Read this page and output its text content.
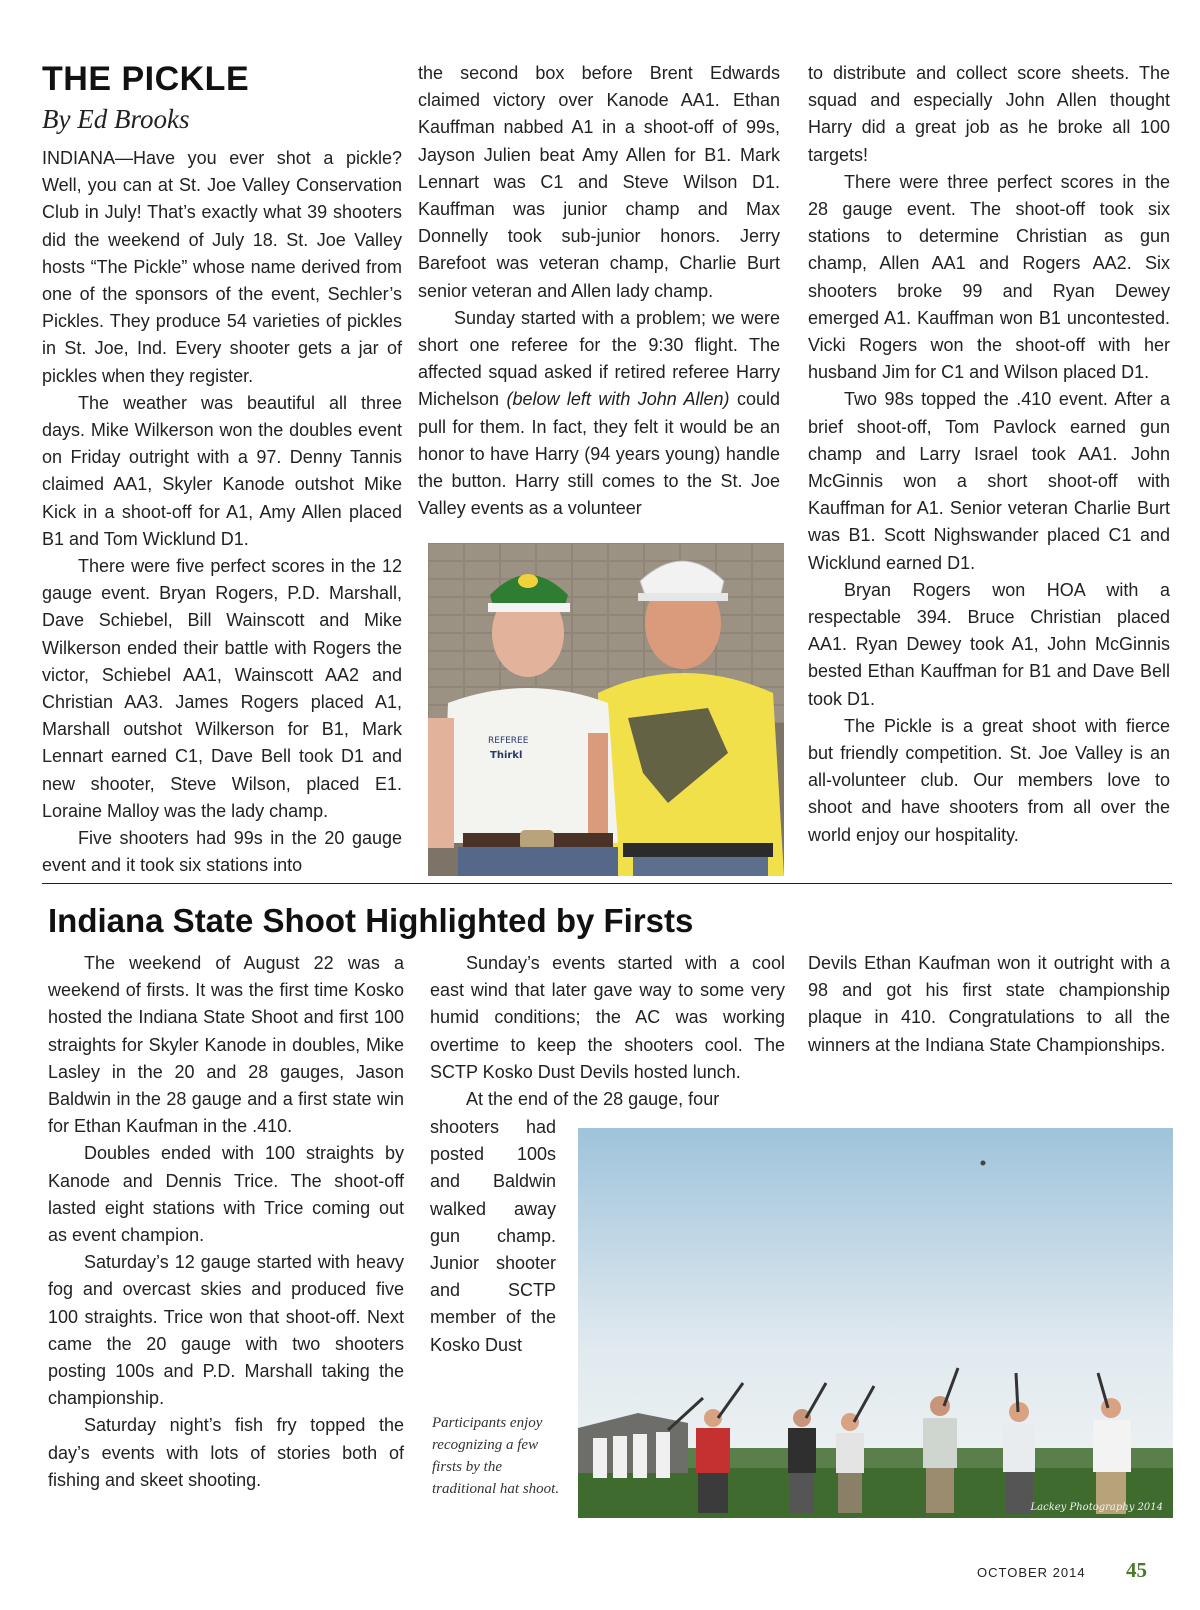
THE PICKLE
By Ed Brooks

INDIANA—Have you ever shot a pickle? Well, you can at St. Joe Valley Conservation Club in July! That’s exactly what 39 shooters did the weekend of July 18. St. Joe Valley hosts “The Pickle” whose name derived from one of the sponsors of the event, Sechler’s Pickles. They produce 54 varieties of pickles in St. Joe, Ind. Every shooter gets a jar of pickles when they register.

The weather was beautiful all three days. Mike Wilkerson won the doubles event on Friday outright with a 97. Denny Tannis claimed AA1, Skyler Kanode outshot Mike Kick in a shoot-off for A1, Amy Allen placed B1 and Tom Wicklund D1.

There were five perfect scores in the 12 gauge event. Bryan Rogers, P.D. Marshall, Dave Schiebel, Bill Wainscott and Mike Wilkerson ended their battle with Rogers the victor, Schiebel AA1, Wainscott AA2 and Christian AA3. James Rogers placed A1, Marshall outshot Wilkerson for B1, Mark Lennart earned C1, Dave Bell took D1 and new shooter, Steve Wilson, placed E1. Loraine Malloy was the lady champ.

Five shooters had 99s in the 20 gauge event and it took six stations into

the second box before Brent Edwards claimed victory over Kanode AA1. Ethan Kauffman nabbed A1 in a shoot-off of 99s, Jayson Julien beat Amy Allen for B1. Mark Lennart was C1 and Steve Wilson D1. Kauffman was junior champ and Max Donnelly took sub-junior honors. Jerry Barefoot was veteran champ, Charlie Burt senior veteran and Allen lady champ.

Sunday started with a problem; we were short one referee for the 9:30 flight. The affected squad asked if retired referee Harry Michelson (below left with John Allen) could pull for them. In fact, they felt it would be an honor to have Harry (94 years young) handle the button. Harry still comes to the St. Joe Valley events as a volunteer

REFEREE
Thirkl

to distribute and collect score sheets. The squad and especially John Allen thought Harry did a great job as he broke all 100 targets!

There were three perfect scores in the 28 gauge event. The shoot-off took six stations to determine Christian as gun champ, Allen AA1 and Rogers AA2. Six shooters broke 99 and Ryan Dewey emerged A1. Kauffman won B1 uncontested. Vicki Rogers won the shoot-off with her husband Jim for C1 and Wilson placed D1.

Two 98s topped the .410 event. After a brief shoot-off, Tom Pavlock earned gun champ and Larry Israel took AA1. John McGinnis won a short shoot-off with Kauffman for A1. Senior veteran Charlie Burt was B1. Scott Nighswander placed C1 and Wicklund earned D1.

Bryan Rogers won HOA with a respectable 394. Bruce Christian placed AA1. Ryan Dewey took A1, John McGinnis bested Ethan Kauffman for B1 and Dave Bell took D1.

The Pickle is a great shoot with fierce but friendly competition. St. Joe Valley is an all-volunteer club. Our members love to shoot and have shooters from all over the world enjoy our hospitality.

Indiana State Shoot Highlighted by Firsts

The weekend of August 22 was a weekend of firsts. It was the first time Kosko hosted the Indiana State Shoot and first 100 straights for Skyler Kanode in doubles, Mike Lasley in the 20 and 28 gauges, Jason Baldwin in the 28 gauge and a first state win for Ethan Kaufman in the .410.

Doubles ended with 100 straights by Kanode and Dennis Trice. The shoot-off lasted eight stations with Trice coming out as event champion.

Saturday’s 12 gauge started with heavy fog and overcast skies and produced five 100 straights. Trice won that shoot-off. Next came the 20 gauge with two shooters posting 100s and P.D. Marshall taking the championship.

Saturday night’s fish fry topped the day’s events with lots of stories both of fishing and skeet shooting.

Sunday’s events started with a cool east wind that later gave way to some very humid conditions; the AC was working overtime to keep the shooters cool. The SCTP Kosko Dust Devils hosted lunch.

At the end of the 28 gauge, four

shooters had posted 100s and Baldwin walked away gun champ. Junior shooter and SCTP member of the Kosko Dust

Participants enjoy recognizing a few firsts by the traditional hat shoot.
Lackey Photography 2014

Devils Ethan Kaufman won it outright with a 98 and got his first state championship plaque in 410. Congratulations to all the winners at the Indiana State Championships.

OCTOBER 2014 45
